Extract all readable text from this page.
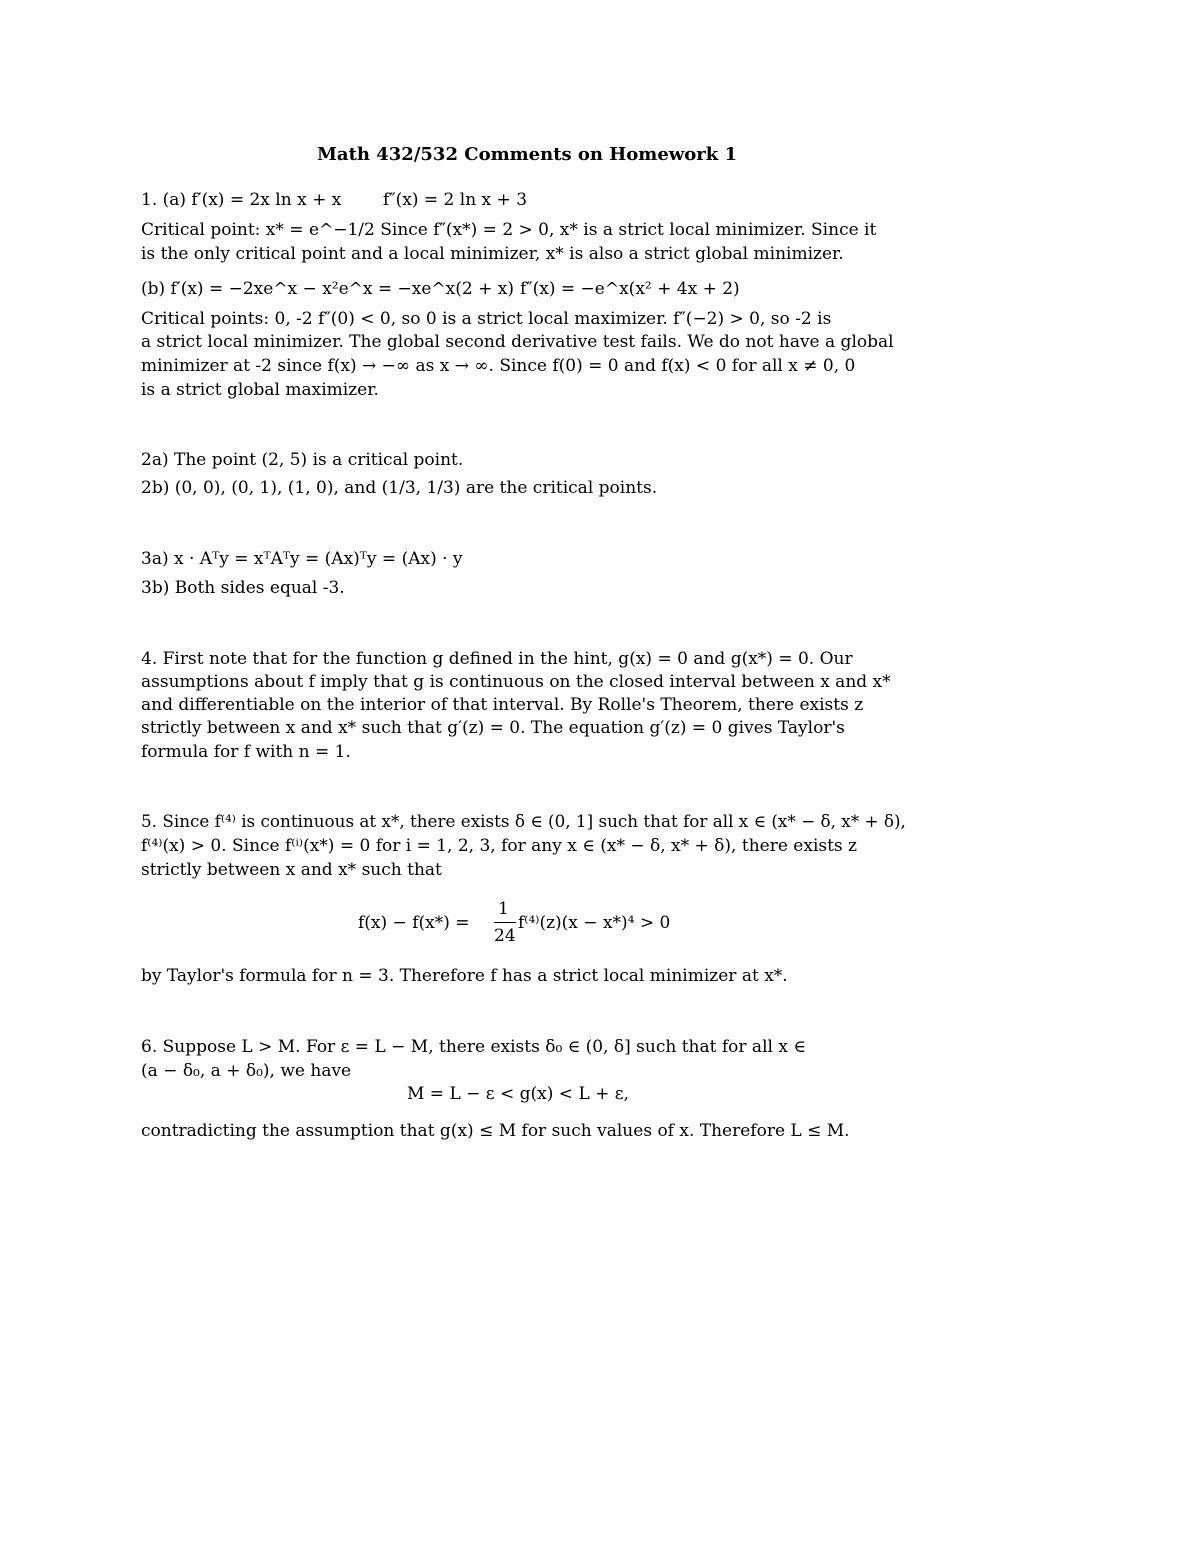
Math 432/532 Comments on Homework 1
1. (a) f′(x) = 2x ln x + x f″(x) = 2 ln x + 3
Critical point: x* = e^−1/2 Since f″(x*) = 2 > 0, x* is a strict local minimizer. Since it
is the only critical point and a local minimizer, x* is also a strict global minimizer.
(b) f′(x) = −2xe^x − x²e^x = −xe^x(2 + x) f″(x) = −e^x(x² + 4x + 2)
Critical points: 0, -2 f″(0) < 0, so 0 is a strict local maximizer. f″(−2) > 0, so -2 is
a strict local minimizer. The global second derivative test fails. We do not have a global
minimizer at -2 since f(x) → −∞ as x → ∞. Since f(0) = 0 and f(x) < 0 for all x ≠ 0, 0
is a strict global maximizer.
2a) The point (2, 5) is a critical point.
2b) (0, 0), (0, 1), (1, 0), and (1/3, 1/3) are the critical points.
3a) x · Aᵀy = xᵀAᵀy = (Ax)ᵀy = (Ax) · y
3b) Both sides equal -3.
4. First note that for the function g defined in the hint, g(x) = 0 and g(x*) = 0. Our
assumptions about f imply that g is continuous on the closed interval between x and x*
and differentiable on the interior of that interval. By Rolle's Theorem, there exists z
strictly between x and x* such that g′(z) = 0. The equation g′(z) = 0 gives Taylor's
formula for f with n = 1.
5. Since f⁽⁴⁾ is continuous at x*, there exists δ ∈ (0, 1] such that for all x ∈ (x* − δ, x* + δ),
f⁽⁴⁾(x) > 0. Since f⁽ⁱ⁾(x*) = 0 for i = 1, 2, 3, for any x ∈ (x* − δ, x* + δ), there exists z
strictly between x and x* such that
f(x) − f(x*) =
1
24
f⁽⁴⁾(z)(x − x*)⁴ > 0
by Taylor's formula for n = 3. Therefore f has a strict local minimizer at x*.
6. Suppose L > M. For ε = L − M, there exists δ₀ ∈ (0, δ] such that for all x ∈
(a − δ₀, a + δ₀), we have
M = L − ε < g(x) < L + ε,
contradicting the assumption that g(x) ≤ M for such values of x. Therefore L ≤ M.
